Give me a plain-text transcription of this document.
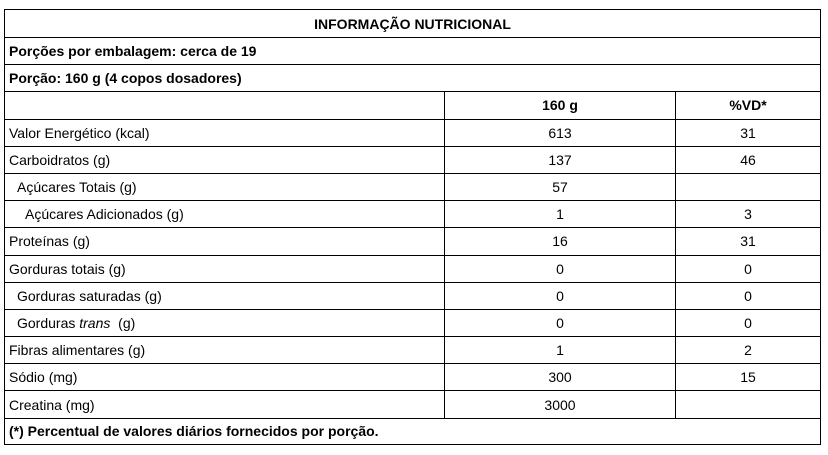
INFORMAÇÃO NUTRICIONAL		
Porções por embalagem: cerca de 19		
Porção: 160 g (4 copos dosadores)		
	160 g	%VD*
Valor Energético (kcal)	613	31
Carboidratos (g)	137	46
Açúcares Totais (g)	57	
Açúcares Adicionados (g)	1	3
Proteínas (g)	16	31
Gorduras totais (g)	0	0
Gorduras saturadas (g)	0	0
Gorduras trans  (g)	0	0
Fibras alimentares (g)	1	2
Sódio (mg)	300	15
Creatina (mg)	3000	
(*) Percentual de valores diários fornecidos por porção.		
